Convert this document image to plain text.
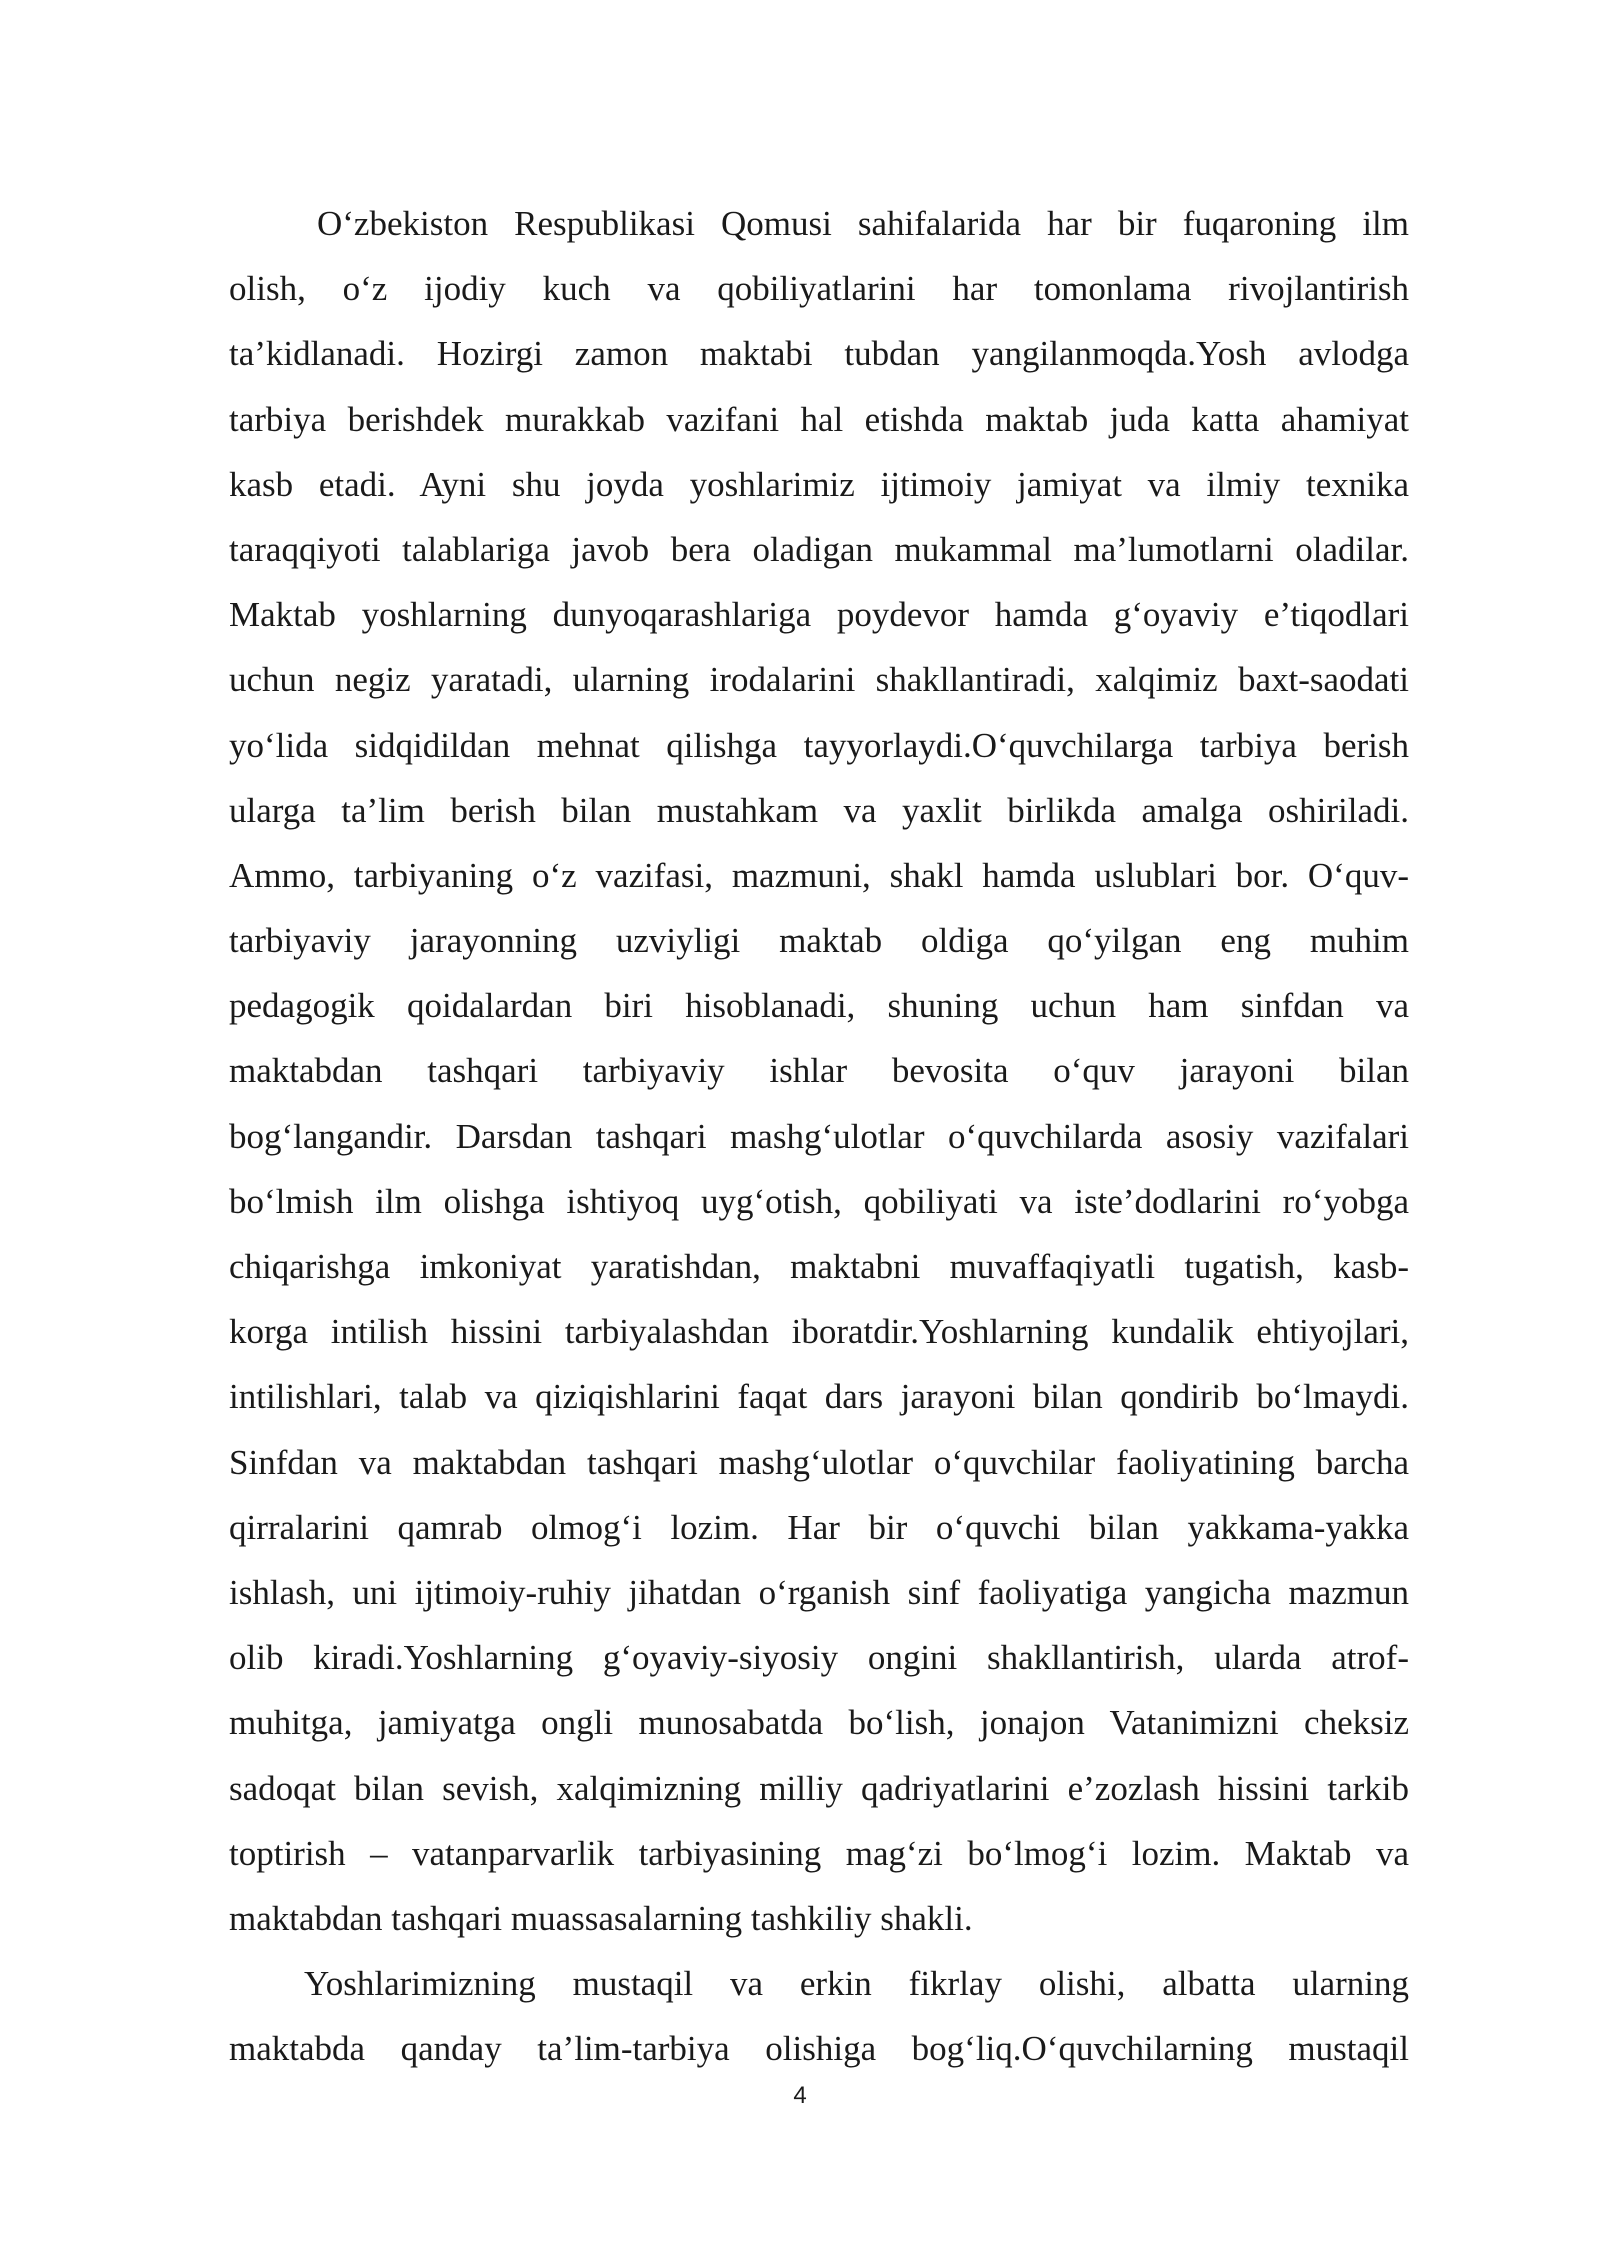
O‘zbekiston Respublikasi Qomusi sahifalarida har bir fuqaroning ilm
olish, o‘z ijodiy kuch va qobiliyatlarini har tomonlama rivojlantirish
ta’kidlanadi. Hozirgi zamon maktabi tubdan yangilanmoqda.Yosh avlodga
tarbiya berishdek murakkab vazifani hal etishda maktab juda katta ahamiyat
kasb etadi. Ayni shu joyda yoshlarimiz ijtimoiy jamiyat va ilmiy texnika
taraqqiyoti talablariga javob bera oladigan mukammal ma’lumotlarni oladilar.
Maktab yoshlarning dunyoqarashlariga poydevor hamda g‘oyaviy e’tiqodlari
uchun negiz yaratadi, ularning irodalarini shakllantiradi, xalqimiz baxt-saodati
yo‘lida sidqidildan mehnat qilishga tayyorlaydi.O‘quvchilarga tarbiya berish
ularga ta’lim berish bilan mustahkam va yaxlit birlikda amalga oshiriladi.
Ammo, tarbiyaning o‘z vazifasi, mazmuni, shakl hamda uslublari bor. O‘quv-
tarbiyaviy jarayonning uzviyligi maktab oldiga qo‘yilgan eng muhim
pedagogik qoidalardan biri hisoblanadi, shuning uchun ham sinfdan va
maktabdan tashqari tarbiyaviy ishlar bevosita o‘quv jarayoni bilan
bog‘langandir. Darsdan tashqari mashg‘ulotlar o‘quvchilarda asosiy vazifalari
bo‘lmish ilm olishga ishtiyoq uyg‘otish, qobiliyati va iste’dodlarini ro‘yobga
chiqarishga imkoniyat yaratishdan, maktabni muvaffaqiyatli tugatish, kasb-
korga intilish hissini tarbiyalashdan iboratdir.Yoshlarning kundalik ehtiyojlari,
intilishlari, talab va qiziqishlarini faqat dars jarayoni bilan qondirib bo‘lmaydi.
Sinfdan va maktabdan tashqari mashg‘ulotlar o‘quvchilar faoliyatining barcha
qirralarini qamrab olmog‘i lozim. Har bir o‘quvchi bilan yakkama-yakka
ishlash, uni ijtimoiy-ruhiy jihatdan o‘rganish sinf faoliyatiga yangicha mazmun
olib kiradi.Yoshlarning g‘oyaviy-siyosiy ongini shakllantirish, ularda atrof-
muhitga, jamiyatga ongli munosabatda bo‘lish, jonajon Vatanimizni cheksiz
sadoqat bilan sevish, xalqimizning milliy qadriyatlarini e’zozlash hissini tarkib
toptirish – vatanparvarlik tarbiyasining mag‘zi bo‘lmog‘i lozim. Maktab va
maktabdan tashqari muassasalarning tashkiliy shakli.
Yoshlarimizning mustaqil va erkin fikrlay olishi, albatta ularning
maktabda qanday ta’lim-tarbiya olishiga bog‘liq.O‘quvchilarning mustaqil
4
